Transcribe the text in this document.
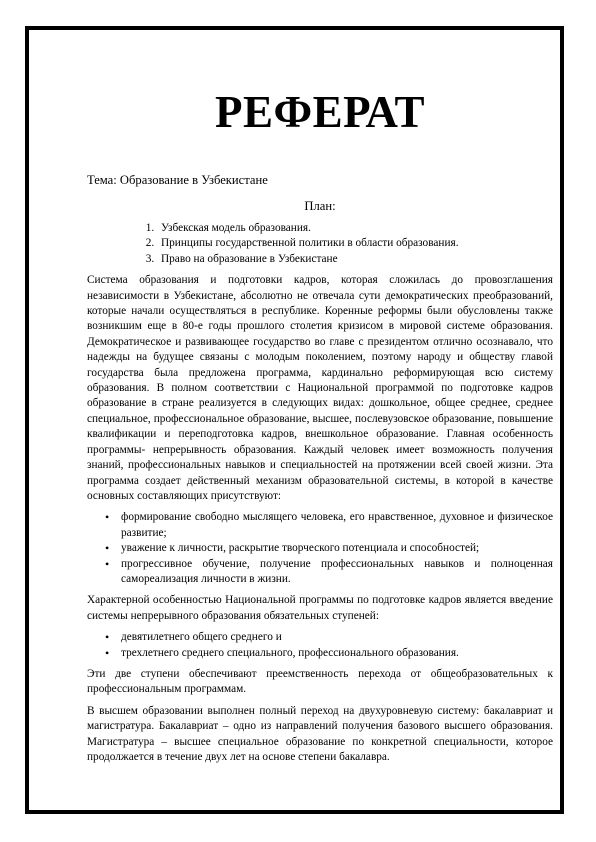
РЕФЕРАТ
Тема: Образование в Узбекистане
План:
1. Узбекская модель образования.
2. Принципы государственной политики в области образования.
3. Право на образование в Узбекистане

Система образования и подготовки кадров, которая сложилась до провозглашения независимости в Узбекистане, абсолютно не отвечала сути демократических преобразований, которые начали осуществляться в республике. Коренные реформы были обусловлены также возникшим еще в 80-е годы прошлого столетия кризисом в мировой системе образования. Демократическое и развивающее государство во главе с президентом отлично осознавало, что надежды на будущее связаны с молодым поколением, поэтому народу и обществу главой государства была предложена программа, кардинально реформирующая всю систему образования. В полном соответствии с Национальной программой по подготовке кадров образование в стране реализуется в следующих видах: дошкольное, общее среднее, среднее специальное, профессиональное образование, высшее, послевузовское образование, повышение квалификации и переподготовка кадров, внешкольное образование. Главная особенность программы- непрерывность образования. Каждый человек имеет возможность получения знаний, профессиональных навыков и специальностей на протяжении всей своей жизни. Эта программа создает действенный механизм образовательной системы, в которой в качестве основных составляющих присутствуют:

• формирование свободно мыслящего человека, его нравственное, духовное и физическое развитие;
• уважение к личности, раскрытие творческого потенциала и способностей;
• прогрессивное обучение, получение профессиональных навыков и полноценная самореализация личности в жизни.

Характерной особенностью Национальной программы по подготовке кадров является введение системы непрерывного образования обязательных ступеней:

• девятилетнего общего среднего и
• трехлетнего среднего специального, профессионального образования.

Эти две ступени обеспечивают преемственность перехода от общеобразовательных к профессиональным программам.

В высшем образовании выполнен полный переход на двухуровневую систему: бакалавриат и магистратура. Бакалавриат – одно из направлений получения базового высшего образования. Магистратура – высшее специальное образование по конкретной специальности, которое продолжается в течение двух лет на основе степени бакалавра.
